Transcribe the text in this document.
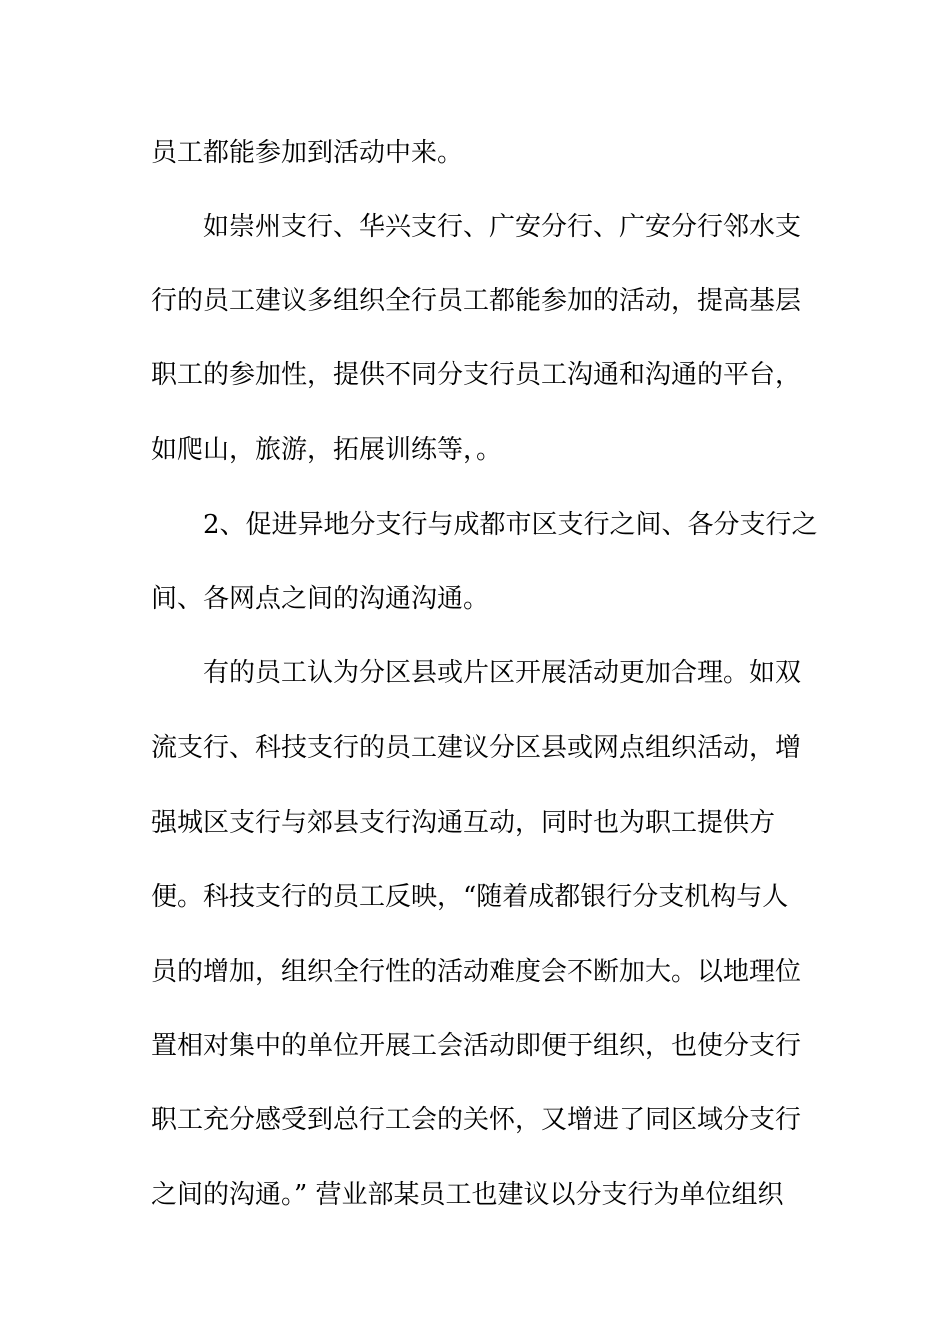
员工都能参加到活动中来。

如崇州支行、华兴支行、广安分行、广安分行邻水支

行的员工建议多组织全行员工都能参加的活动，提高基层

职工的参加性，提供不同分支行员工沟通和沟通的平台，

如爬山，旅游，拓展训练等，。

2、促进异地分支行与成都市区支行之间、各分支行之

间、各网点之间的沟通沟通。

有的员工认为分区县或片区开展活动更加合理。如双

流支行、科技支行的员工建议分区县或网点组织活动，增

强城区支行与郊县支行沟通互动，同时也为职工提供方

便。科技支行的员工反映，“随着成都银行分支机构与人

员的增加，组织全行性的活动难度会不断加大。以地理位

置相对集中的单位开展工会活动即便于组织，也使分支行

职工充分感受到总行工会的关怀，又增进了同区域分支行

之间的沟通。” 营业部某员工也建议以分支行为单位组织
